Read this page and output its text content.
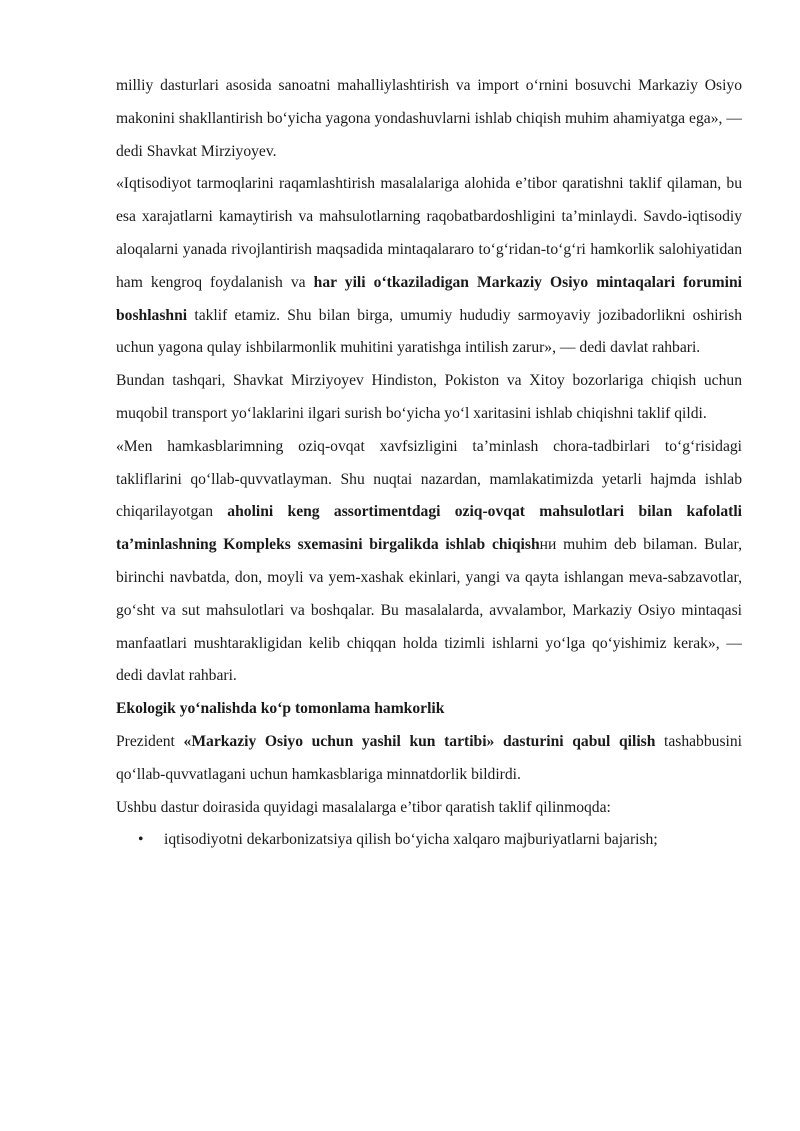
milliy dasturlari asosida sanoatni mahalliylashtirish va import o‘rnini bosuvchi Markaziy Osiyo makonini shakllantirish bo‘yicha yagona yondashuvlarni ishlab chiqish muhim ahamiyatga ega», — dedi Shavkat Mirziyoyev.

«Iqtisodiyot tarmoqlarini raqamlashtirish masalalariga alohida e’tibor qaratishni taklif qilaman, bu esa xarajatlarni kamaytirish va mahsulotlarning raqobatbardoshligini ta’minlaydi. Savdo-iqtisodiy aloqalarni yanada rivojlantirish maqsadida mintaqalararo to‘g‘ridan-to‘g‘ri hamkorlik salohiyatidan ham kengroq foydalanish va har yili o‘tkaziladigan Markaziy Osiyo mintaqalari forumini boshlashni taklif etamiz. Shu bilan birga, umumiy hududiy sarmoyaviy jozibadorlikni oshirish uchun yagona qulay ishbilarmonlik muhitini yaratishga intilish zarur», — dedi davlat rahbari.

Bundan tashqari, Shavkat Mirziyoyev Hindiston, Pokiston va Xitoy bozorlariga chiqish uchun muqobil transport yo‘laklarini ilgari surish bo‘yicha yo‘l xaritasini ishlab chiqishni taklif qildi.

«Men hamkasblarimning oziq-ovqat xavfsizligini ta’minlash chora-tadbirlari to‘g‘risidagi takliflarini qo‘llab-quvvatlayman. Shu nuqtai nazardan, mamlakatimizda yetarli hajmda ishlab chiqarilayotgan aholini keng assortimentdagi oziq-ovqat mahsulotlari bilan kafolatli ta’minlashning Kompleks sxemasini birgalikda ishlab chiqishни muhim deb bilaman. Bular, birinchi navbatda, don, moyli va yem-xashak ekinlari, yangi va qayta ishlangan meva-sabzavotlar, go‘sht va sut mahsulotlari va boshqalar. Bu masalalarda, avvalambor, Markaziy Osiyo mintaqasi manfaatlari mushtarakligidan kelib chiqqan holda tizimli ishlarni yo‘lga qo‘yishimiz kerak», — dedi davlat rahbari.

Ekologik yo‘nalishda ko‘p tomonlama hamkorlik

Prezident «Markaziy Osiyo uchun yashil kun tartibi» dasturini qabul qilish tashabbusini qo‘llab-quvvatlagani uchun hamkasblariga minnatdorlik bildirdi.

Ushbu dastur doirasida quyidagi masalalarga e’tibor qaratish taklif qilinmoqda:

• iqtisodiyotni dekarbonizatsiya qilish bo‘yicha xalqaro majburiyatlarni bajarish;
